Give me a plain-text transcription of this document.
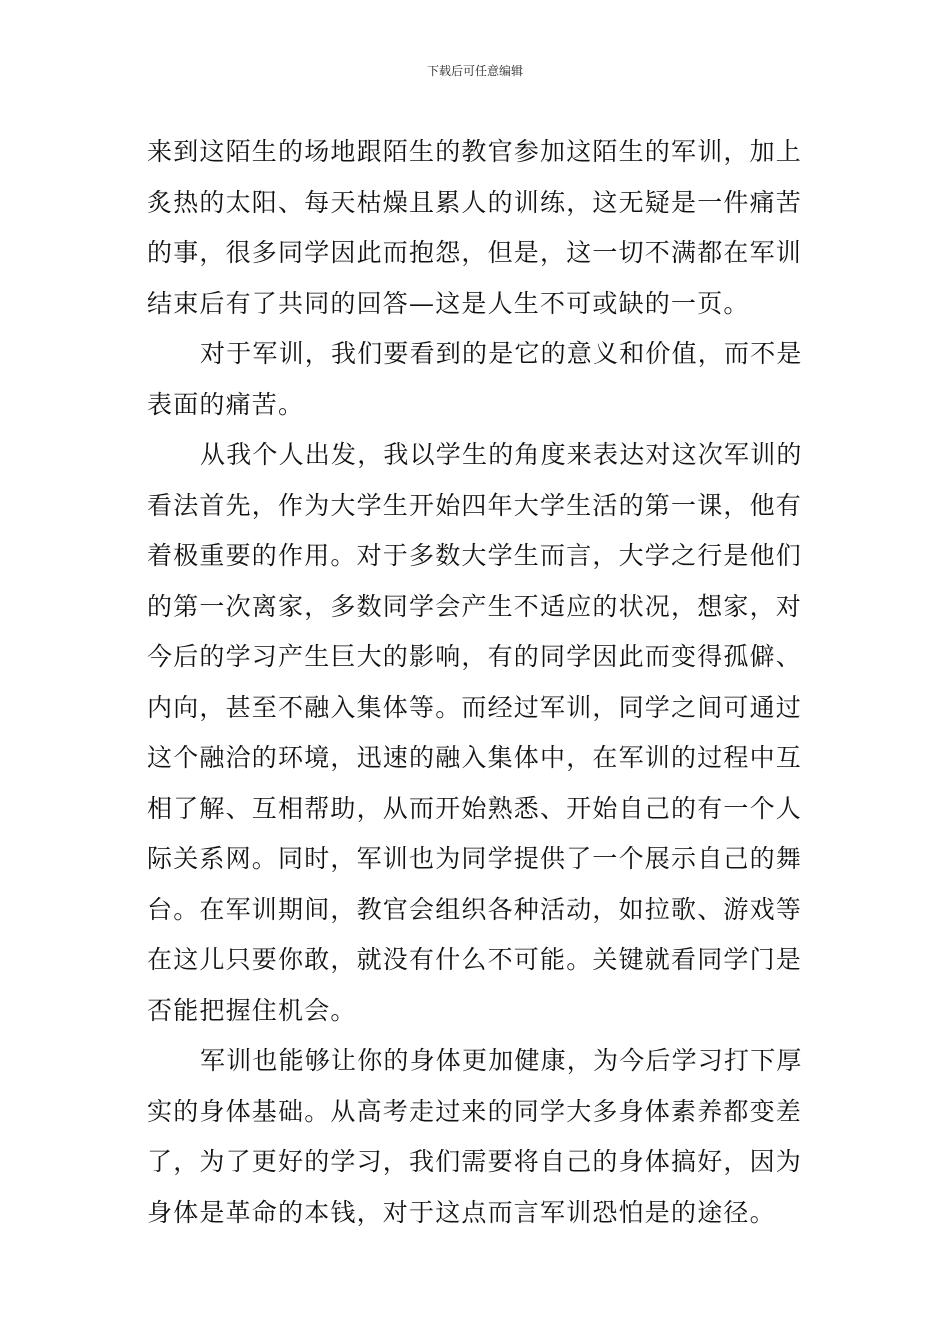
下载后可任意编辑
来到这陌生的场地跟陌生的教官参加这陌生的军训，加上
炙热的太阳、每天枯燥且累人的训练，这无疑是一件痛苦
的事，很多同学因此而抱怨，但是，这一切不满都在军训
结束后有了共同的回答—这是人生不可或缺的一页。
对于军训，我们要看到的是它的意义和价值，而不是
表面的痛苦。
从我个人出发，我以学生的角度来表达对这次军训的
看法首先，作为大学生开始四年大学生活的第一课，他有
着极重要的作用。对于多数大学生而言，大学之行是他们
的第一次离家，多数同学会产生不适应的状况，想家，对
今后的学习产生巨大的影响，有的同学因此而变得孤僻、
内向，甚至不融入集体等。而经过军训，同学之间可通过
这个融洽的环境，迅速的融入集体中，在军训的过程中互
相了解、互相帮助，从而开始熟悉、开始自己的有一个人
际关系网。同时，军训也为同学提供了一个展示自己的舞
台。在军训期间，教官会组织各种活动，如拉歌、游戏等
在这儿只要你敢，就没有什么不可能。关键就看同学门是
否能把握住机会。
军训也能够让你的身体更加健康，为今后学习打下厚
实的身体基础。从高考走过来的同学大多身体素养都变差
了，为了更好的学习，我们需要将自己的身体搞好，因为
身体是革命的本钱，对于这点而言军训恐怕是的途径。
